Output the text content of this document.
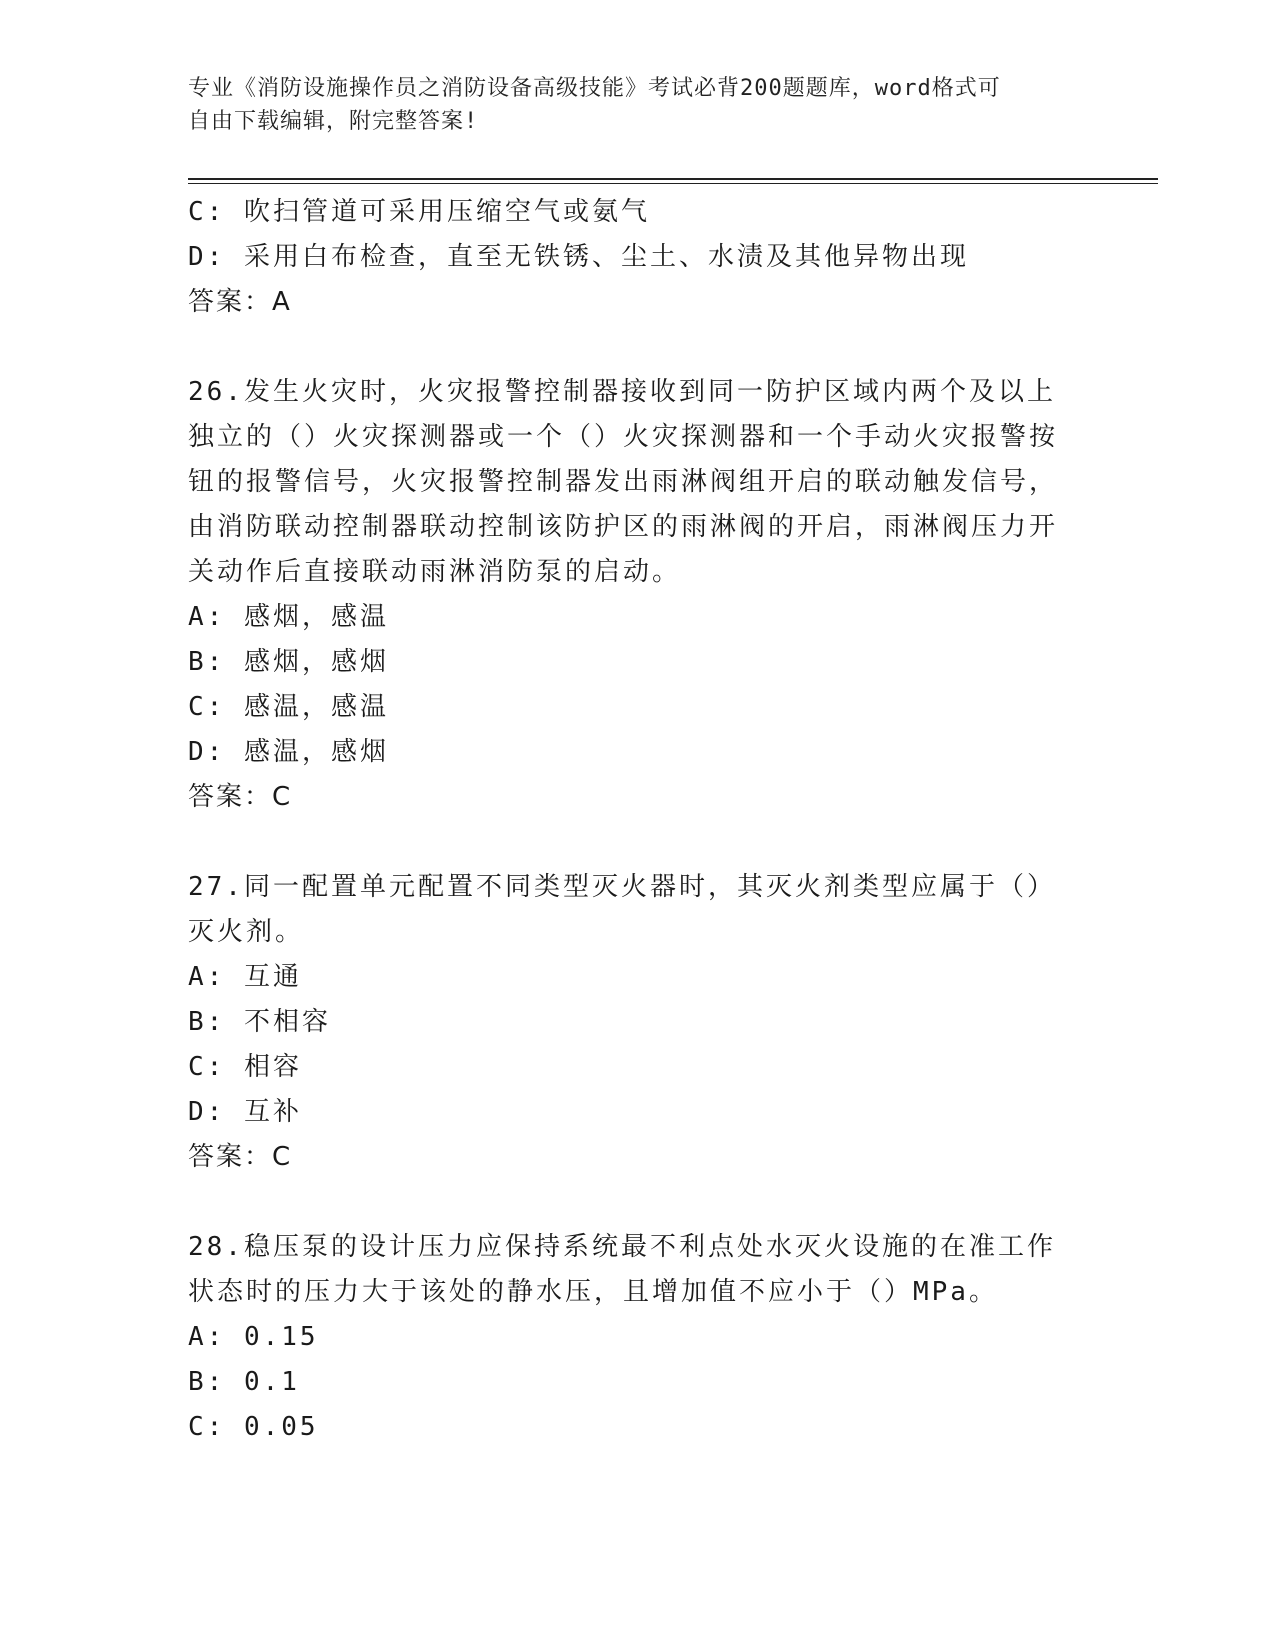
专业《消防设施操作员之消防设备高级技能》考试必背200题题库，word格式可
自由下载编辑，附完整答案!
C: 吹扫管道可采用压缩空气或氨气
D: 采用白布检查，直至无铁锈、尘土、水渍及其他异物出现
答案：A
26.发生火灾时，火灾报警控制器接收到同一防护区域内两个及以上独立的（）火灾探测器或一个（）火灾探测器和一个手动火灾报警按钮的报警信号，火灾报警控制器发出雨淋阀组开启的联动触发信号，由消防联动控制器联动控制该防护区的雨淋阀的开启，雨淋阀压力开关动作后直接联动雨淋消防泵的启动。
A: 感烟，感温
B: 感烟，感烟
C: 感温，感温
D: 感温，感烟
答案：C
27.同一配置单元配置不同类型灭火器时，其灭火剂类型应属于（）灭火剂。
A: 互通
B: 不相容
C: 相容
D: 互补
答案：C
28.稳压泵的设计压力应保持系统最不利点处水灭火设施的在准工作状态时的压力大于该处的静水压，且增加值不应小于（）MPa。
A: 0.15
B: 0.1
C: 0.05
